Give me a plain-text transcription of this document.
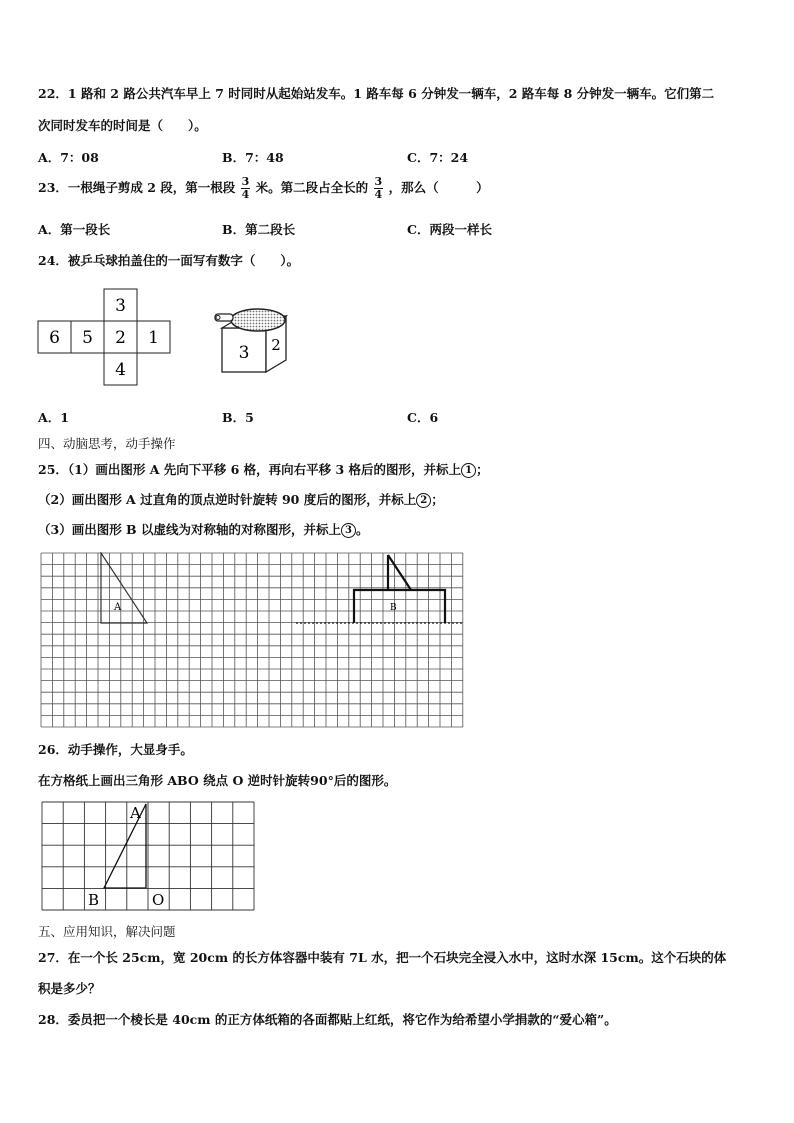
22．1 路和 2 路公共汽车早上 7 时同时从起始站发车。1 路车每 6 分钟发一辆车，2 路车每 8 分钟发一辆车。它们第二
次同时发车的时间是（　　）。
A．7：08	B．7：48	C．7：24
23．一根绳子剪成 2 段，第一根段 $\frac{3}{4}$ 米。第二段占全长的 $\frac{3}{4}$ ，那么（　　　）
A．第一段长	B．第二段长	C．两段一样长
24．被乒乓球拍盖住的一面写有数字（　　）。
3
6 5 2 1
4
3 2
A．1	B．5	C．6
四、动脑思考，动手操作
25．（1）画出图形 A 先向下平移 6 格，再向右平移 3 格后的图形，并标上 1 ；
（2）画出图形 A 过直角的顶点逆时针旋转 90 度后的图形，并标上 2 ；
（3）画出图形 B 以虚线为对称轴的对称图形，并标上 3 。
A	B
26．动手操作，大显身手。
在方格纸上画出三角形 ABO 绕点 O 逆时针旋转90°后的图形。
A
B	O
五、应用知识，解决问题
27．在一个长 25cm，宽 20cm 的长方体容器中装有 7L 水，把一个石块完全浸入水中，这时水深 15cm。这个石块的体
积是多少？
28．委员把一个棱长是 40cm 的正方体纸箱的各面都贴上红纸，将它作为给希望小学捐款的“爱心箱”。
